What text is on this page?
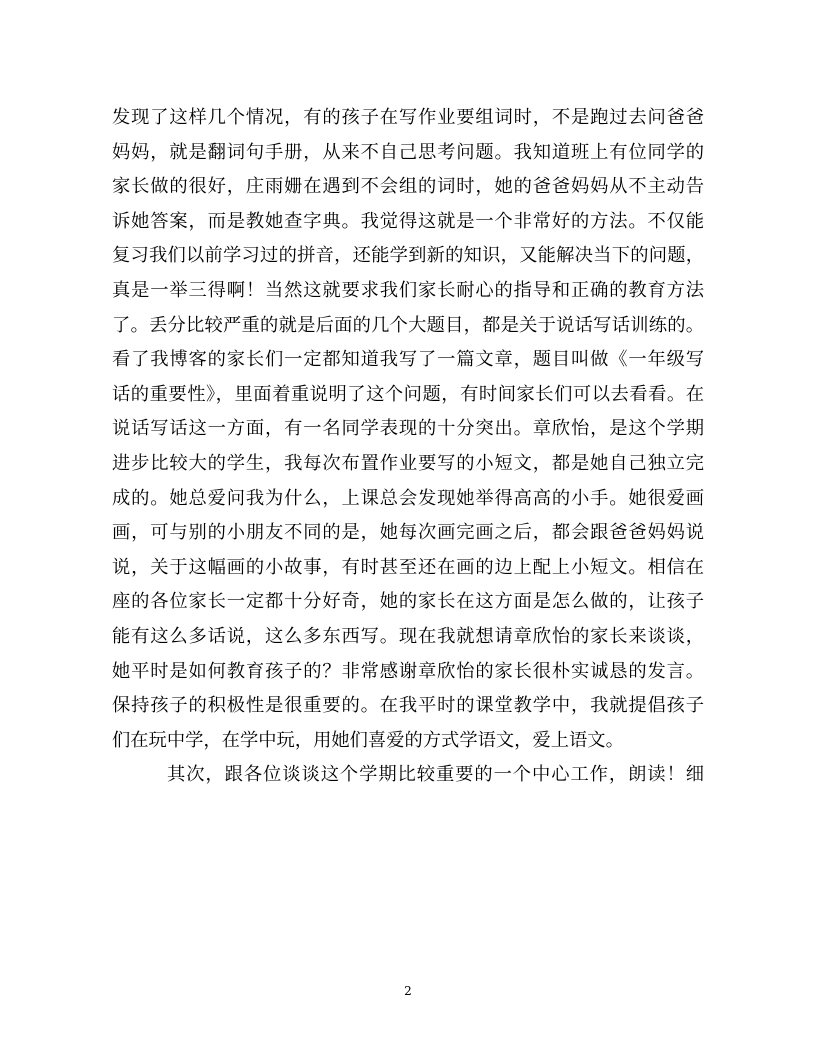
发现了这样几个情况，有的孩子在写作业要组词时，不是跑过去问爸爸
妈妈，就是翻词句手册，从来不自己思考问题。我知道班上有位同学的
家长做的很好，庄雨姗在遇到不会组的词时，她的爸爸妈妈从不主动告
诉她答案，而是教她查字典。我觉得这就是一个非常好的方法。不仅能
复习我们以前学习过的拼音，还能学到新的知识，又能解决当下的问题，
真是一举三得啊！当然这就要求我们家长耐心的指导和正确的教育方法
了。丢分比较严重的就是后面的几个大题目，都是关于说话写话训练的。
看了我博客的家长们一定都知道我写了一篇文章，题目叫做《一年级写
话的重要性》，里面着重说明了这个问题，有时间家长们可以去看看。在
说话写话这一方面，有一名同学表现的十分突出。章欣怡，是这个学期
进步比较大的学生，我每次布置作业要写的小短文，都是她自己独立完
成的。她总爱问我为什么，上课总会发现她举得高高的小手。她很爱画
画，可与别的小朋友不同的是，她每次画完画之后，都会跟爸爸妈妈说
说，关于这幅画的小故事，有时甚至还在画的边上配上小短文。相信在
座的各位家长一定都十分好奇，她的家长在这方面是怎么做的，让孩子
能有这么多话说，这么多东西写。现在我就想请章欣怡的家长来谈谈，
她平时是如何教育孩子的？非常感谢章欣怡的家长很朴实诚恳的发言。
保持孩子的积极性是很重要的。在我平时的课堂教学中，我就提倡孩子
们在玩中学，在学中玩，用她们喜爱的方式学语文，爱上语文。
其次，跟各位谈谈这个学期比较重要的一个中心工作，朗读！细
2
